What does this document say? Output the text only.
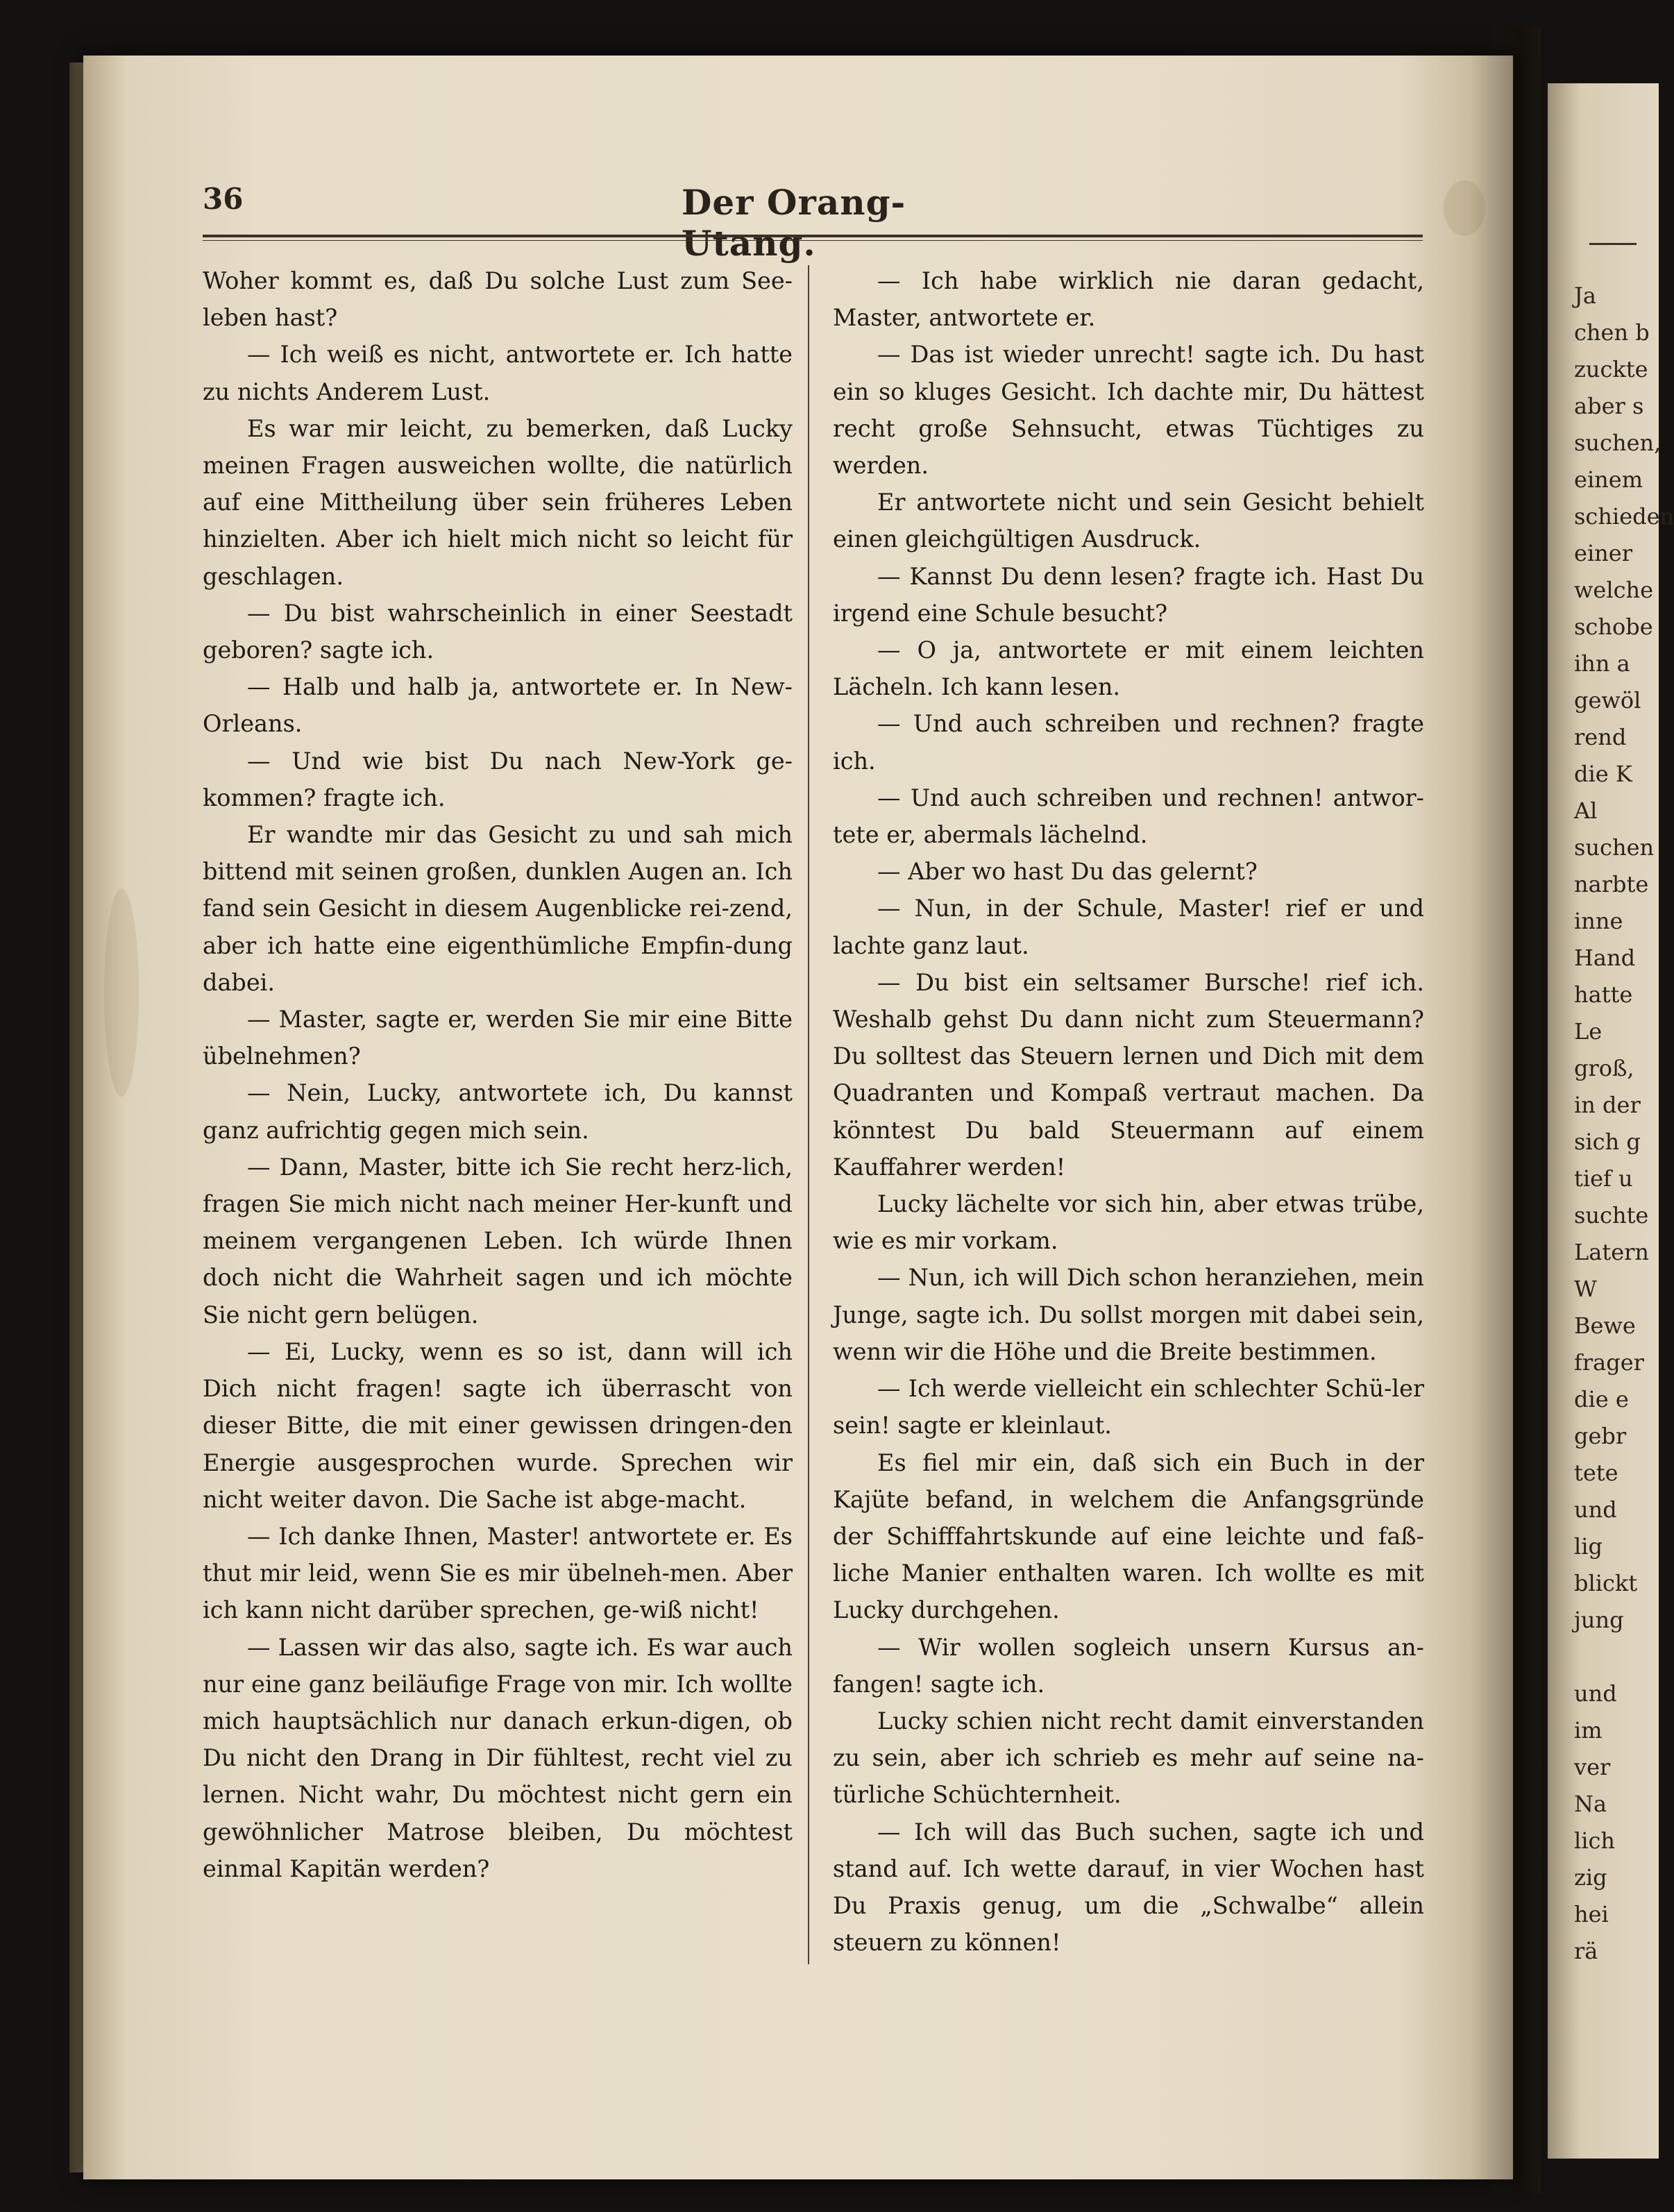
Ja
chen b
zuckte
aber s
suchen,
einem
schieden
einer
welche
schobe
ihn a
gewöl
rend
die K
Al
suchen
narbte
inne
Hand
hatte
Le
groß,
in der
sich g
tief u
suchte
Latern
W
Bewe
frager
die e
gebr
tete
und
lig
blickt
jung
und
im
ver
Na
lich
zig
hei
rä
36	Der Orang-Utang.

Woher kommt es, daß Du solche Lust zum See-leben hast?

— Ich weiß es nicht, antwortete er. Ich hatte zu nichts Anderem Lust.

Es war mir leicht, zu bemerken, daß Lucky meinen Fragen ausweichen wollte, die natürlich auf eine Mittheilung über sein früheres Leben hinzielten. Aber ich hielt mich nicht so leicht für geschlagen.

— Du bist wahrscheinlich in einer Seestadt geboren? sagte ich.

— Halb und halb ja, antwortete er. In New-Orleans.

— Und wie bist Du nach New-York ge-kommen? fragte ich.

Er wandte mir das Gesicht zu und sah mich bittend mit seinen großen, dunklen Augen an. Ich fand sein Gesicht in diesem Augenblicke rei-zend, aber ich hatte eine eigenthümliche Empfin-dung dabei.

— Master, sagte er, werden Sie mir eine Bitte übelnehmen?

— Nein, Lucky, antwortete ich, Du kannst ganz aufrichtig gegen mich sein.

— Dann, Master, bitte ich Sie recht herz-lich, fragen Sie mich nicht nach meiner Her-kunft und meinem vergangenen Leben. Ich würde Ihnen doch nicht die Wahrheit sagen und ich möchte Sie nicht gern belügen.

— Ei, Lucky, wenn es so ist, dann will ich Dich nicht fragen! sagte ich überrascht von dieser Bitte, die mit einer gewissen dringen-den Energie ausgesprochen wurde. Sprechen wir nicht weiter davon. Die Sache ist abge-macht.

— Ich danke Ihnen, Master! antwortete er. Es thut mir leid, wenn Sie es mir übelneh-men. Aber ich kann nicht darüber sprechen, ge-wiß nicht!

— Lassen wir das also, sagte ich. Es war auch nur eine ganz beiläufige Frage von mir. Ich wollte mich hauptsächlich nur danach erkun-digen, ob Du nicht den Drang in Dir fühltest, recht viel zu lernen. Nicht wahr, Du möchtest nicht gern ein gewöhnlicher Matrose bleiben, Du möchtest einmal Kapitän werden?

— Ich habe wirklich nie daran gedacht, Master, antwortete er.

— Das ist wieder unrecht! sagte ich. Du hast ein so kluges Gesicht. Ich dachte mir, Du hättest recht große Sehnsucht, etwas Tüchtiges zu werden.

Er antwortete nicht und sein Gesicht behielt einen gleichgültigen Ausdruck.

— Kannst Du denn lesen? fragte ich. Hast Du irgend eine Schule besucht?

— O ja, antwortete er mit einem leichten Lächeln. Ich kann lesen.

— Und auch schreiben und rechnen? fragte ich.

— Und auch schreiben und rechnen! antwor-tete er, abermals lächelnd.

— Aber wo hast Du das gelernt?

— Nun, in der Schule, Master! rief er und lachte ganz laut.

— Du bist ein seltsamer Bursche! rief ich. Weshalb gehst Du dann nicht zum Steuermann? Du solltest das Steuern lernen und Dich mit dem Quadranten und Kompaß vertraut machen. Da könntest Du bald Steuermann auf einem Kauffahrer werden!

Lucky lächelte vor sich hin, aber etwas trübe, wie es mir vorkam.

— Nun, ich will Dich schon heranziehen, mein Junge, sagte ich. Du sollst morgen mit dabei sein, wenn wir die Höhe und die Breite bestimmen.

— Ich werde vielleicht ein schlechter Schü-ler sein! sagte er kleinlaut.

Es fiel mir ein, daß sich ein Buch in der Kajüte befand, in welchem die Anfangsgründe der Schifffahrtskunde auf eine leichte und faß-liche Manier enthalten waren. Ich wollte es mit Lucky durchgehen.

— Wir wollen sogleich unsern Kursus an-fangen! sagte ich.

Lucky schien nicht recht damit einverstanden zu sein, aber ich schrieb es mehr auf seine na-türliche Schüchternheit.

— Ich will das Buch suchen, sagte ich und stand auf. Ich wette darauf, in vier Wochen hast Du Praxis genug, um die „Schwalbe“ allein steuern zu können!
